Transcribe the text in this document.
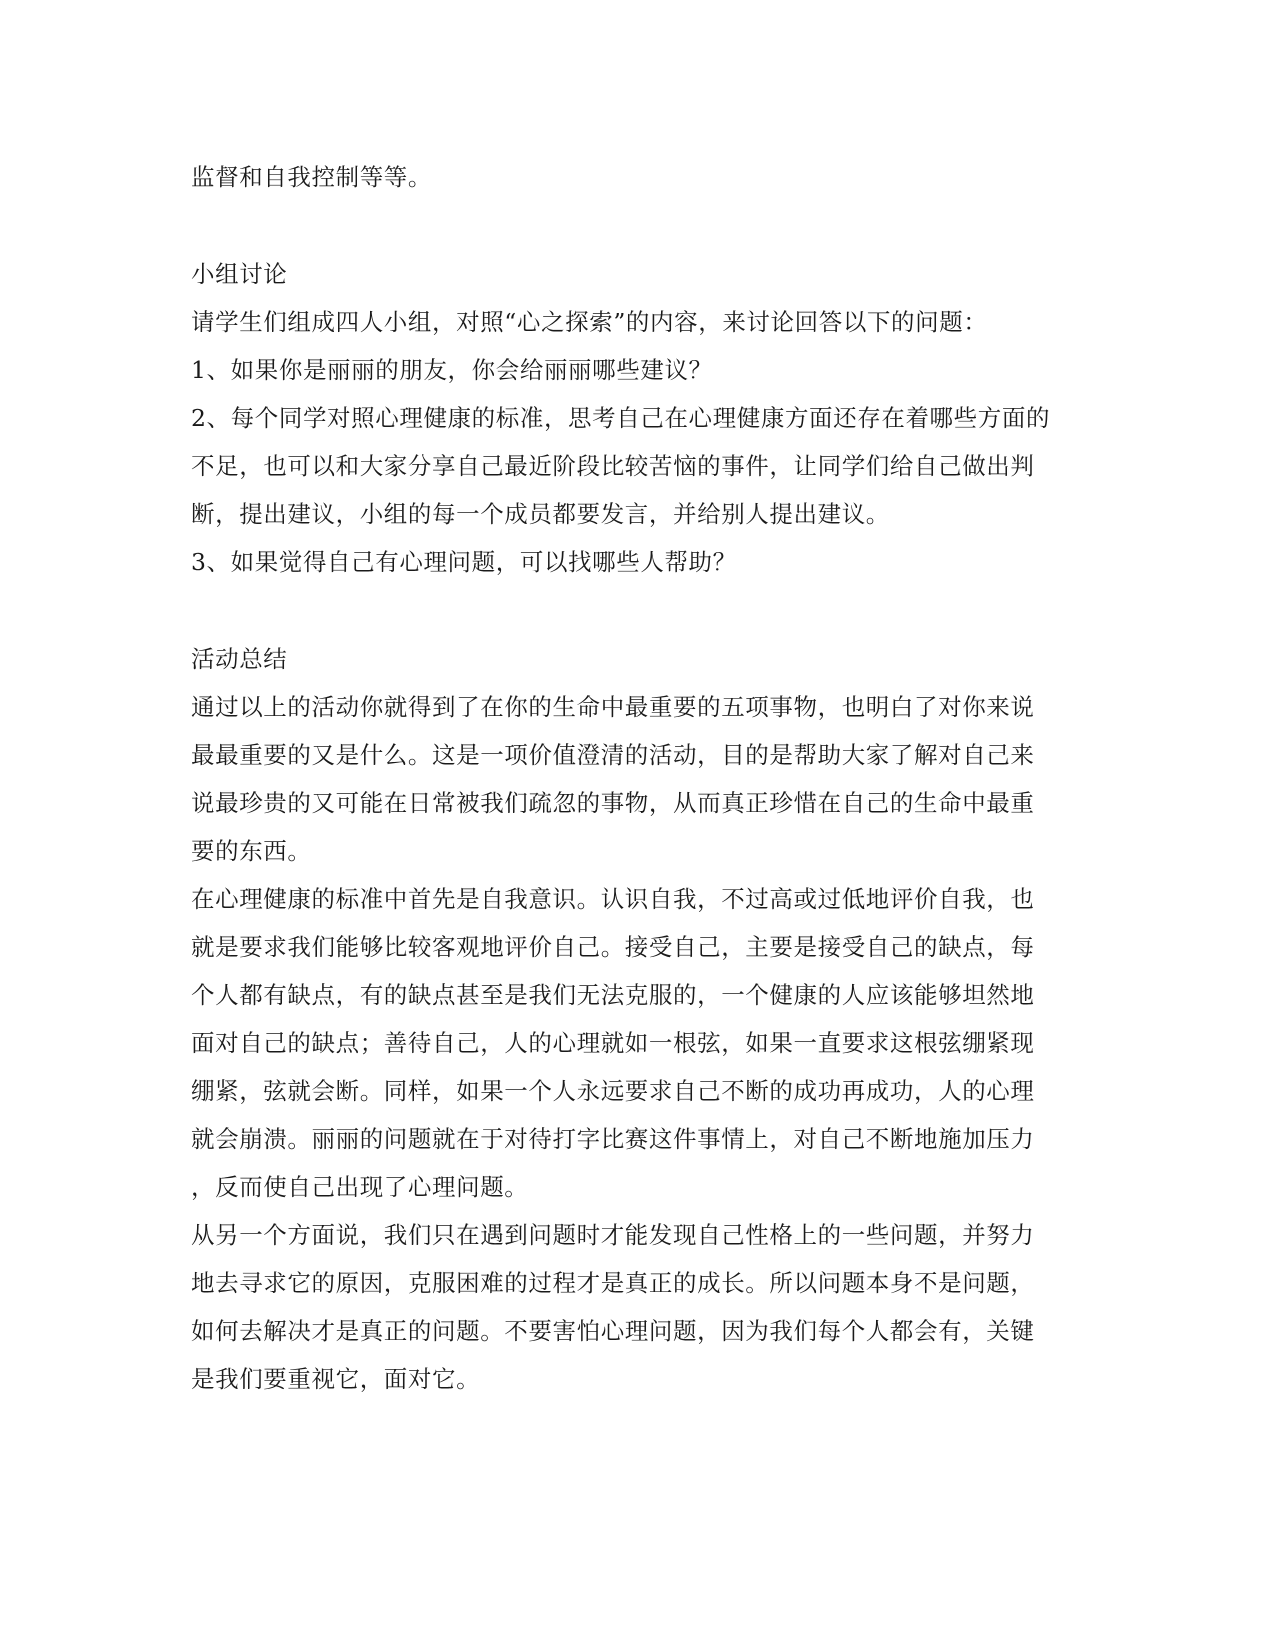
监督和自我控制等等。
小组讨论
请学生们组成四人小组，对照“心之探索”的内容，来讨论回答以下的问题：
1、如果你是丽丽的朋友，你会给丽丽哪些建议？
2、每个同学对照心理健康的标准，思考自己在心理健康方面还存在着哪些方面的
不足，也可以和大家分享自己最近阶段比较苦恼的事件，让同学们给自己做出判
断，提出建议，小组的每一个成员都要发言，并给别人提出建议。
3、如果觉得自己有心理问题，可以找哪些人帮助？
活动总结
通过以上的活动你就得到了在你的生命中最重要的五项事物，也明白了对你来说
最最重要的又是什么。这是一项价值澄清的活动，目的是帮助大家了解对自己来
说最珍贵的又可能在日常被我们疏忽的事物，从而真正珍惜在自己的生命中最重
要的东西。
在心理健康的标准中首先是自我意识。认识自我，不过高或过低地评价自我，也
就是要求我们能够比较客观地评价自己。接受自己，主要是接受自己的缺点，每
个人都有缺点，有的缺点甚至是我们无法克服的，一个健康的人应该能够坦然地
面对自己的缺点；善待自己，人的心理就如一根弦，如果一直要求这根弦绷紧现
绷紧，弦就会断。同样，如果一个人永远要求自己不断的成功再成功，人的心理
就会崩溃。丽丽的问题就在于对待打字比赛这件事情上，对自己不断地施加压力
，反而使自己出现了心理问题。
从另一个方面说，我们只在遇到问题时才能发现自己性格上的一些问题，并努力
地去寻求它的原因，克服困难的过程才是真正的成长。所以问题本身不是问题，
如何去解决才是真正的问题。不要害怕心理问题，因为我们每个人都会有，关键
是我们要重视它，面对它。
